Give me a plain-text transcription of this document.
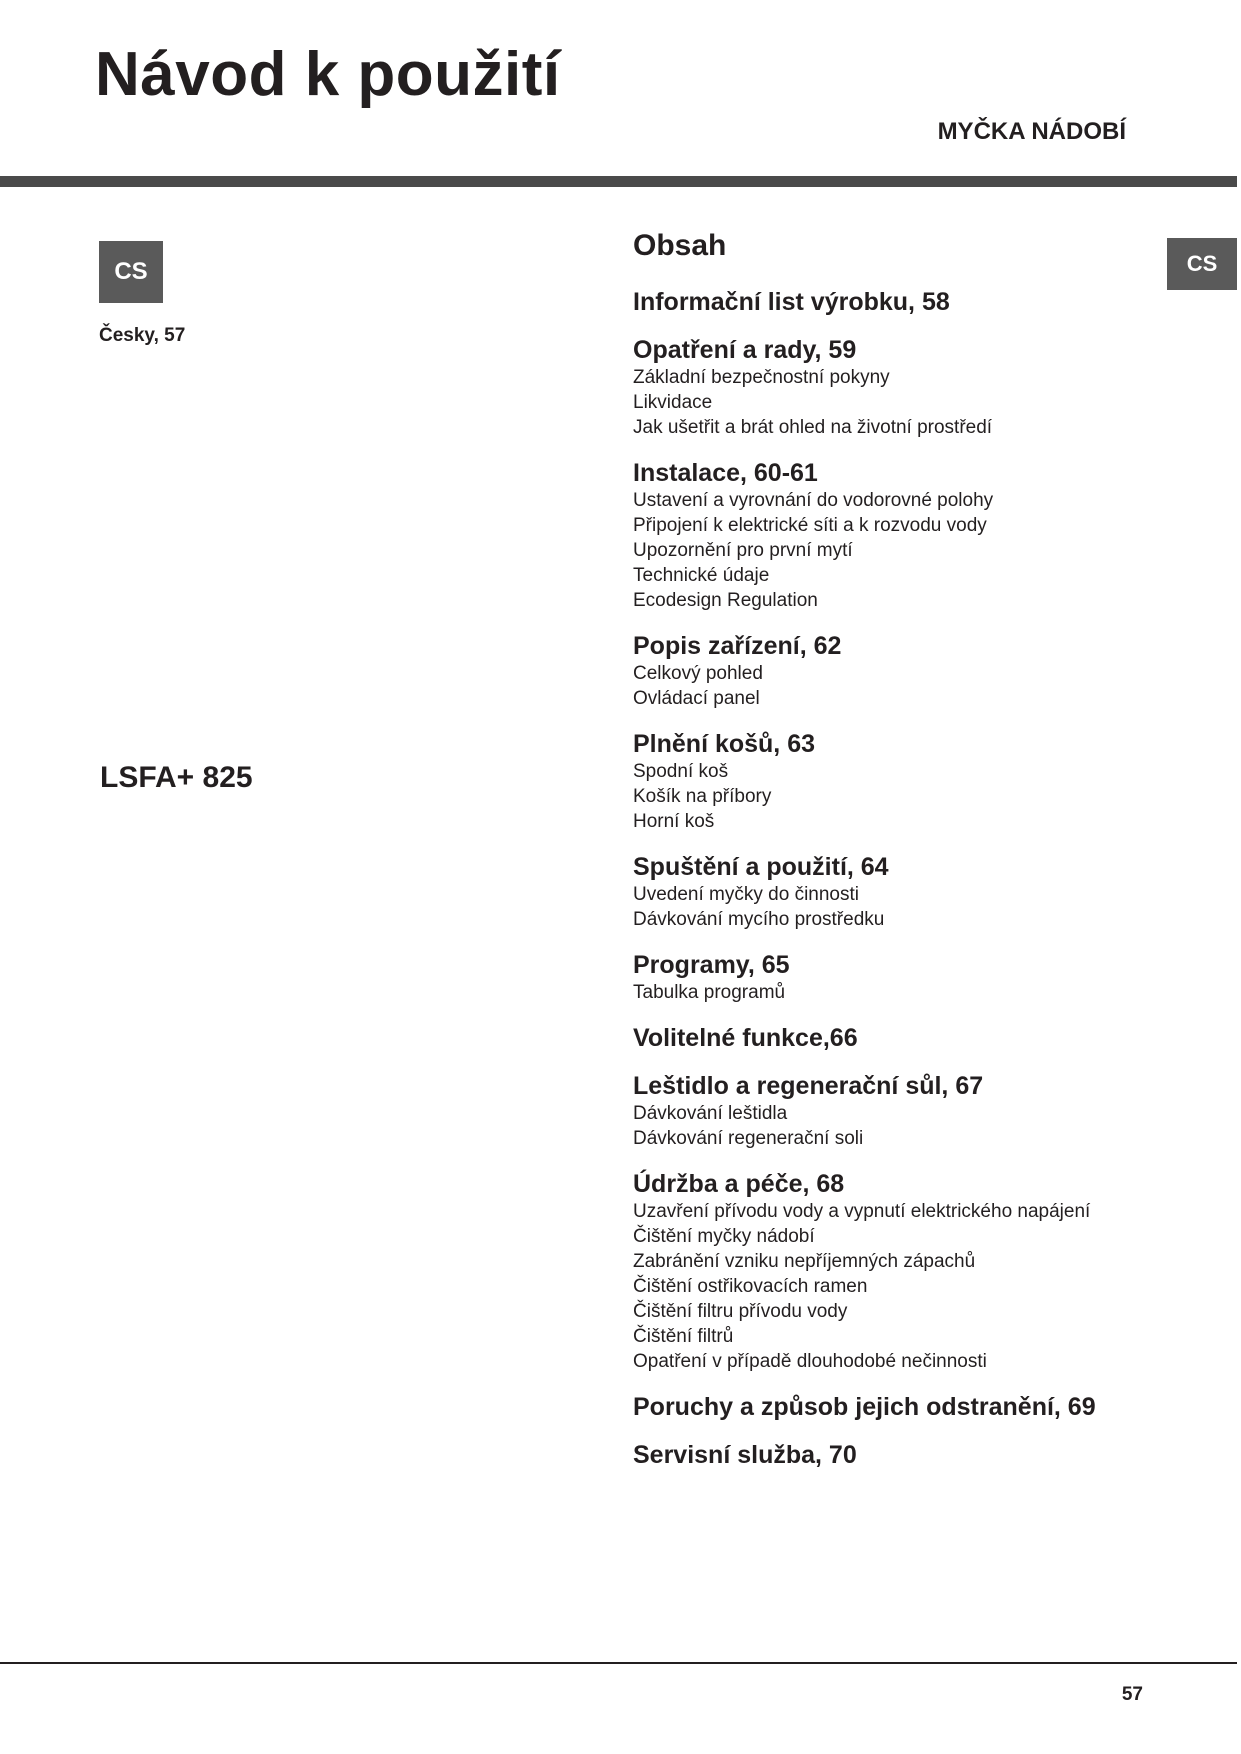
Návod k použití
MYČKA NÁDOBÍ
CS	CS
Česky, 57
LSFA+ 825
Obsah
Informační list výrobku, 58
Opatření a rady, 59
Základní bezpečnostní pokyny
Likvidace
Jak ušetřit a brát ohled na životní prostředí
Instalace, 60-61
Ustavení a vyrovnání do vodorovné polohy
Připojení k elektrické síti a k rozvodu vody
Upozornění pro první mytí
Technické údaje
Ecodesign Regulation
Popis zařízení, 62
Celkový pohled
Ovládací panel
Plnění košů, 63
Spodní koš
Košík na příbory
Horní koš
Spuštění a použití, 64
Uvedení myčky do činnosti
Dávkování mycího prostředku
Programy, 65
Tabulka programů
Volitelné funkce,66
Leštidlo a regenerační sůl, 67
Dávkování leštidla
Dávkování regenerační soli
Údržba a péče, 68
Uzavření přívodu vody a vypnutí elektrického napájení
Čištění myčky nádobí
Zabránění vzniku nepříjemných zápachů
Čištění ostřikovacích ramen
Čištění filtru přívodu vody
Čištění filtrů
Opatření v případě dlouhodobé nečinnosti
Poruchy a způsob jejich odstranění, 69
Servisní služba, 70
57
